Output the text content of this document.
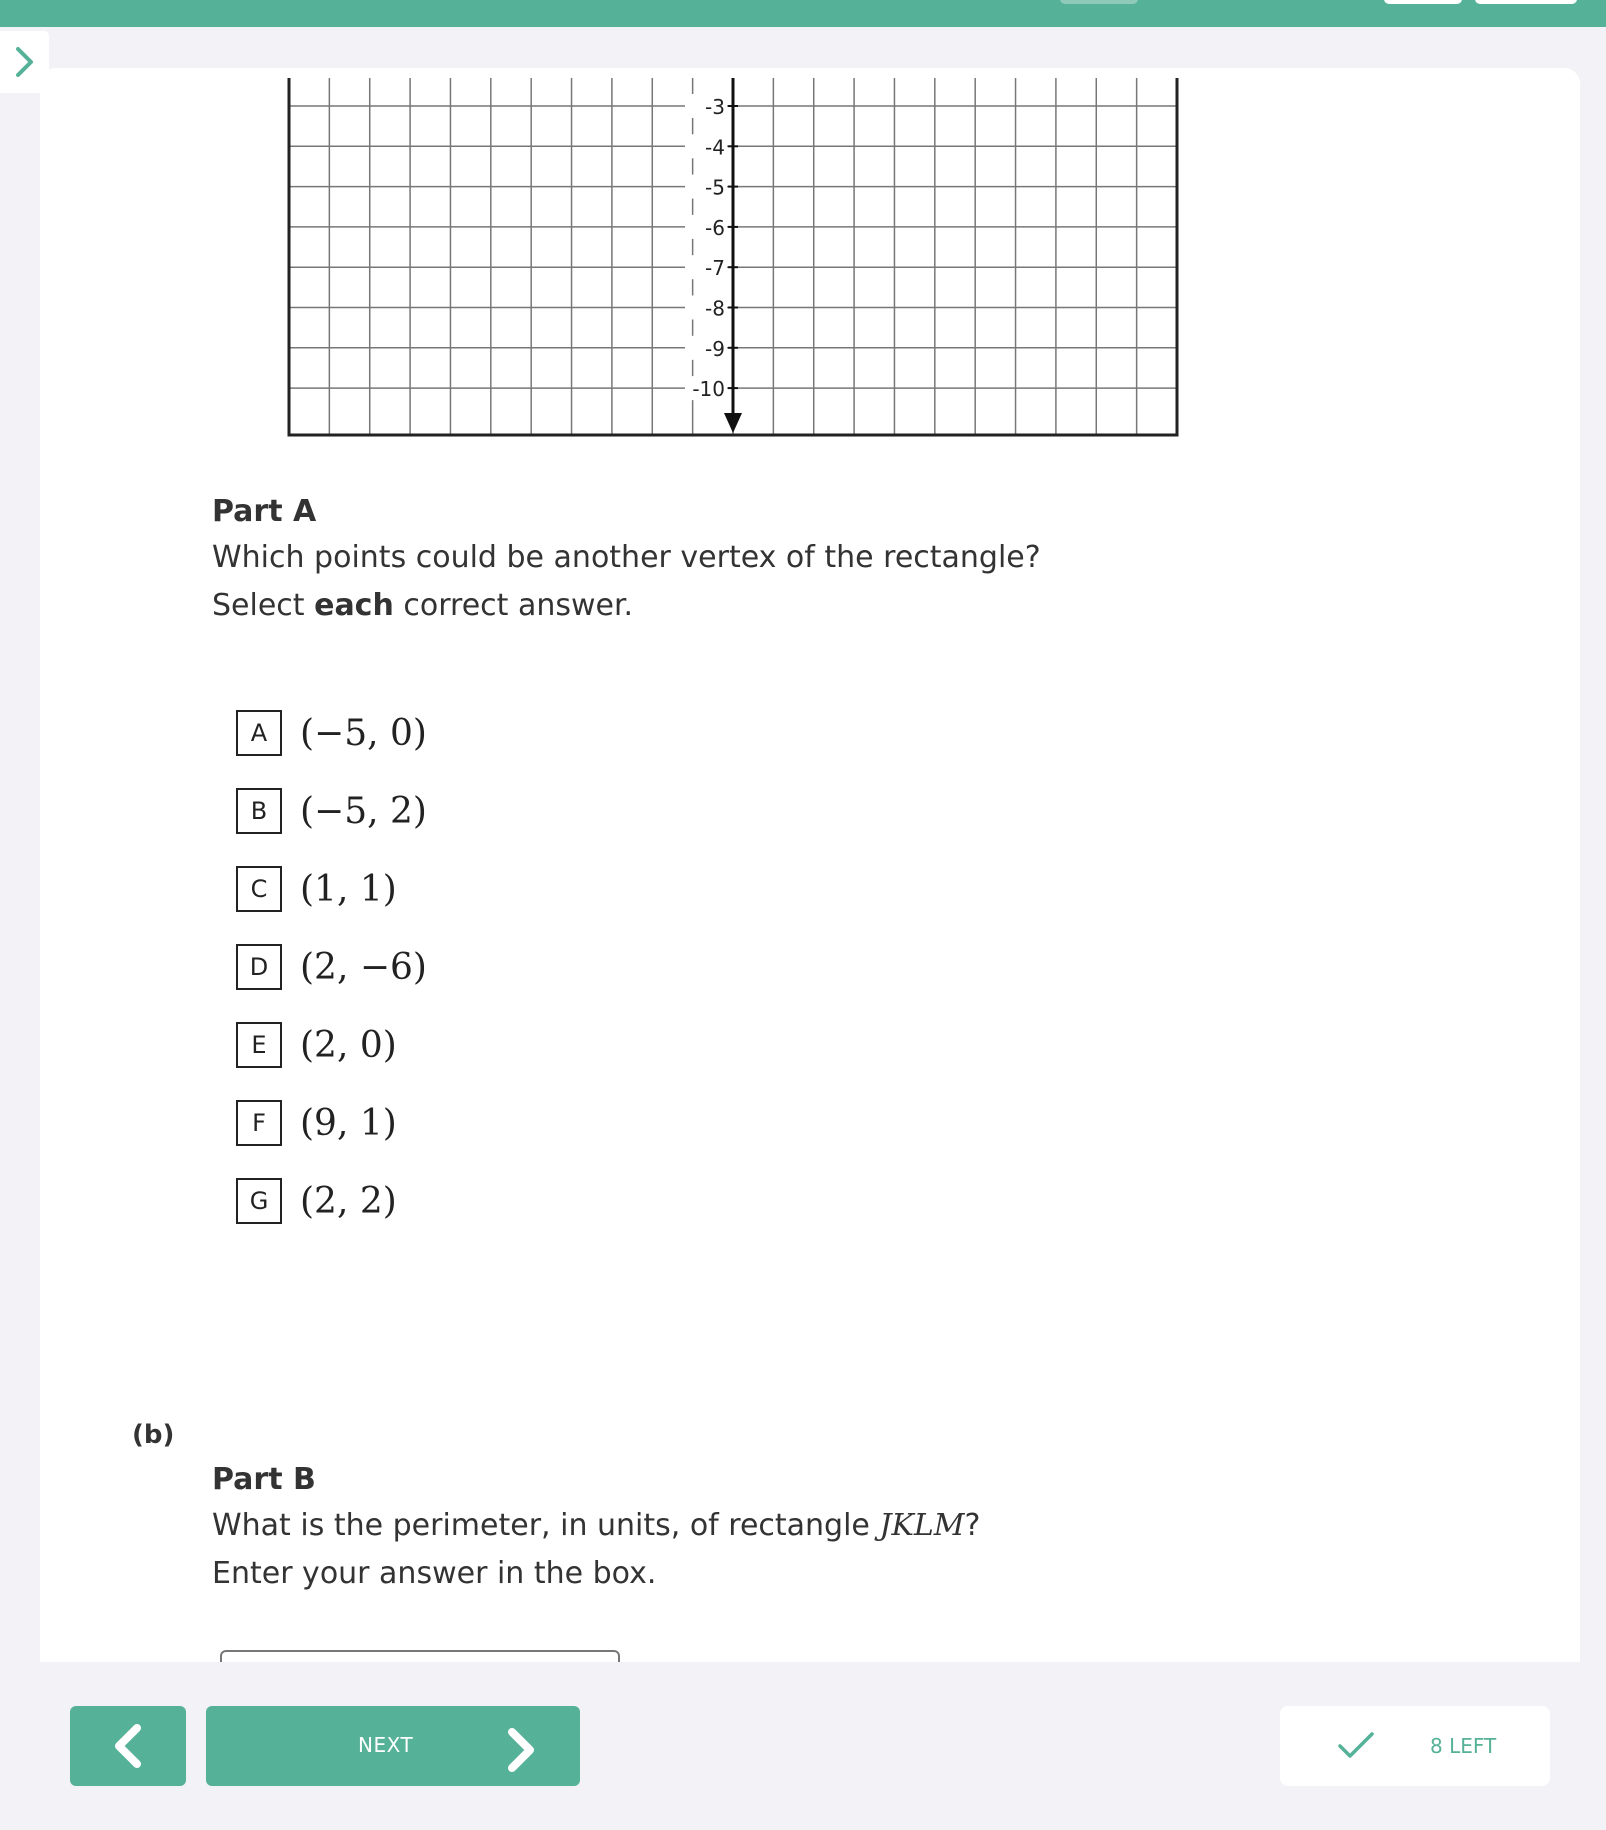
-3
-4
-5
-6
-7
-8
-9
-10
Part A
Which points could be another vertex of the rectangle?
Select each correct answer.
A (−5, 0)
B (−5, 2)
C (1, 1)
D (2, −6)
E (2, 0)
F (9, 1)
G (2, 2)
(b)
Part B
What is the perimeter, in units, of rectangle JKLM?
Enter your answer in the box.
NEXT	8 LEFT
